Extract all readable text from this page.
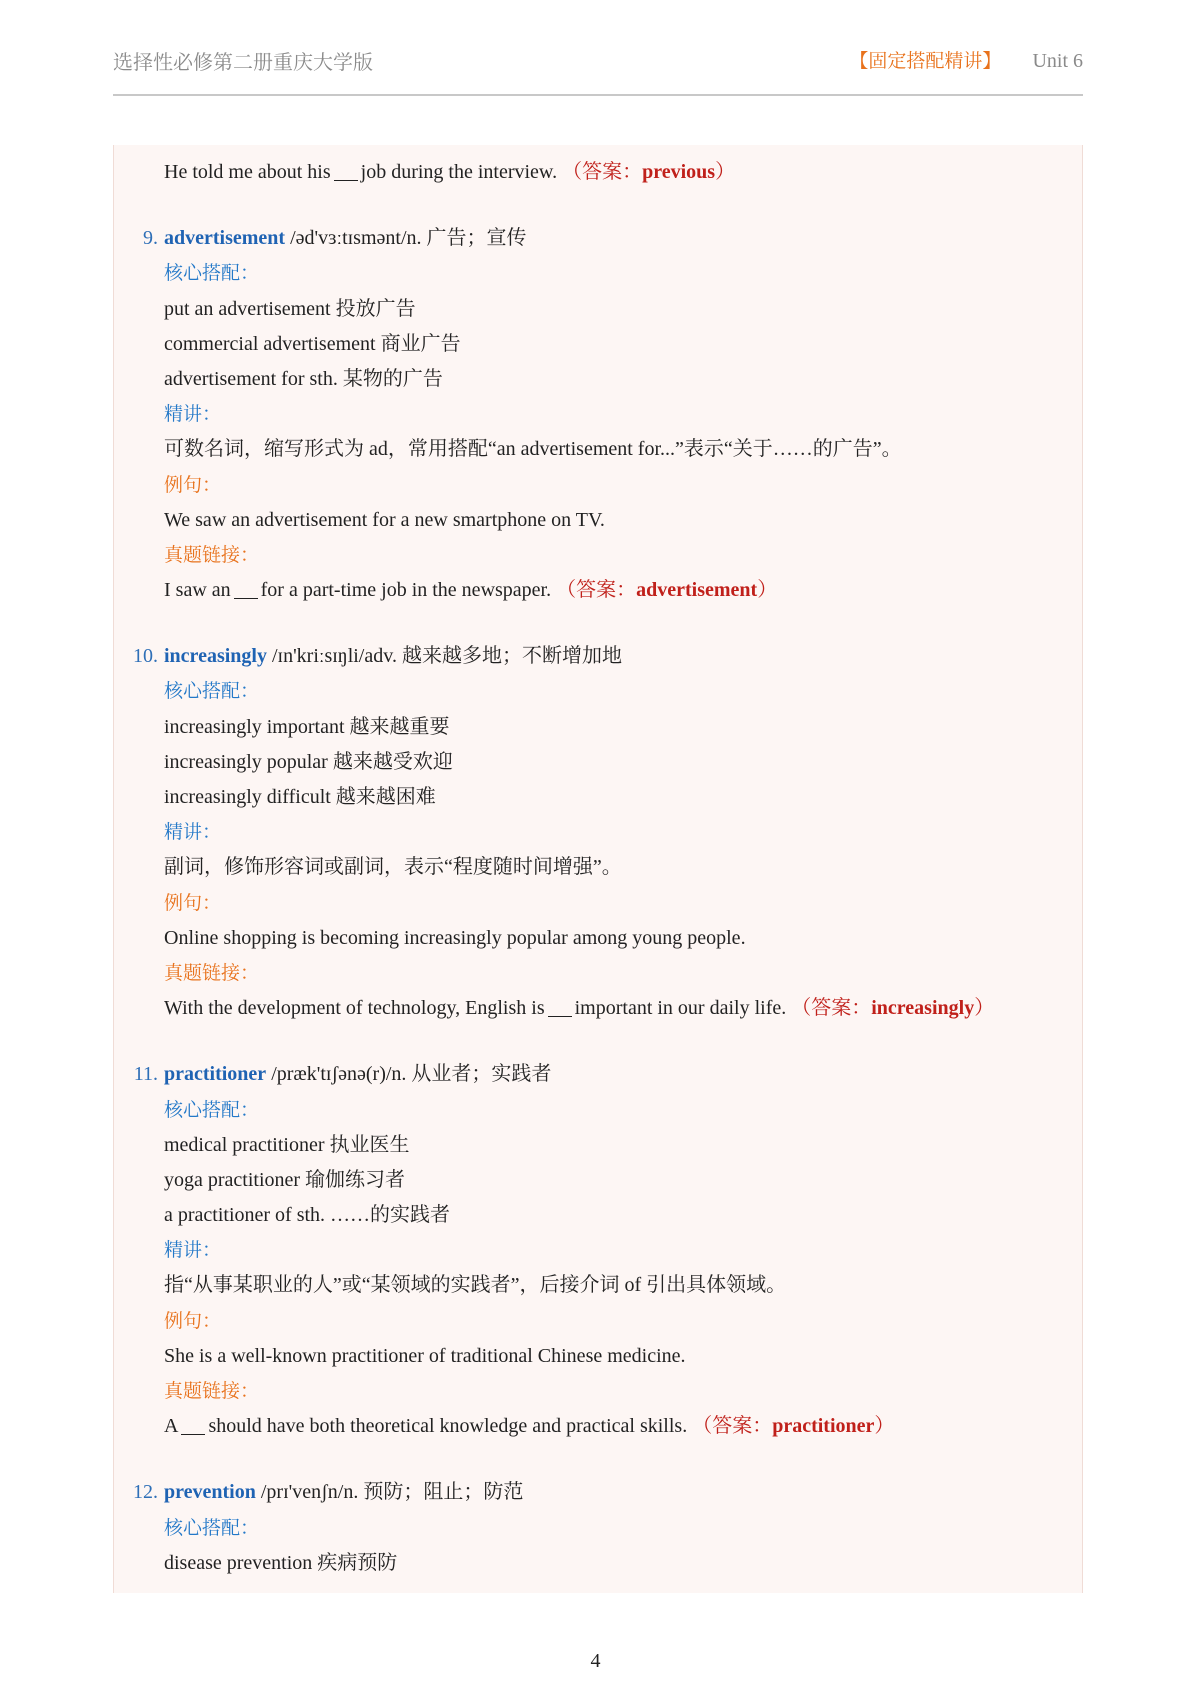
选择性必修第二册重庆大学版	【固定搭配精讲】 Unit 6
He told me about his job during the interview. （答案：previous）
9. advertisement /əd'vɜːtɪsmənt/n. 广告；宣传
核心搭配：
put an advertisement 投放广告
commercial advertisement 商业广告
advertisement for sth. 某物的广告
精讲：
可数名词，缩写形式为 ad，常用搭配“an advertisement for...”表示“关于……的广告”。
例句：
We saw an advertisement for a new smartphone on TV.
真题链接：
I saw an for a part-time job in the newspaper. （答案：advertisement）
10. increasingly /ɪn'kriːsɪŋli/adv. 越来越多地；不断增加地
核心搭配：
increasingly important 越来越重要
increasingly popular 越来越受欢迎
increasingly difficult 越来越困难
精讲：
副词，修饰形容词或副词，表示“程度随时间增强”。
例句：
Online shopping is becoming increasingly popular among young people.
真题链接：
With the development of technology, English is important in our daily life. （答案：increasingly）
11. practitioner /præk'tɪʃənə(r)/n. 从业者；实践者
核心搭配：
medical practitioner 执业医生
yoga practitioner 瑜伽练习者
a practitioner of sth. ……的实践者
精讲：
指“从事某职业的人”或“某领域的实践者”，后接介词 of 引出具体领域。
例句：
She is a well-known practitioner of traditional Chinese medicine.
真题链接：
A should have both theoretical knowledge and practical skills. （答案：practitioner）
12. prevention /prɪ'venʃn/n. 预防；阻止；防范
核心搭配：
disease prevention 疾病预防
4
